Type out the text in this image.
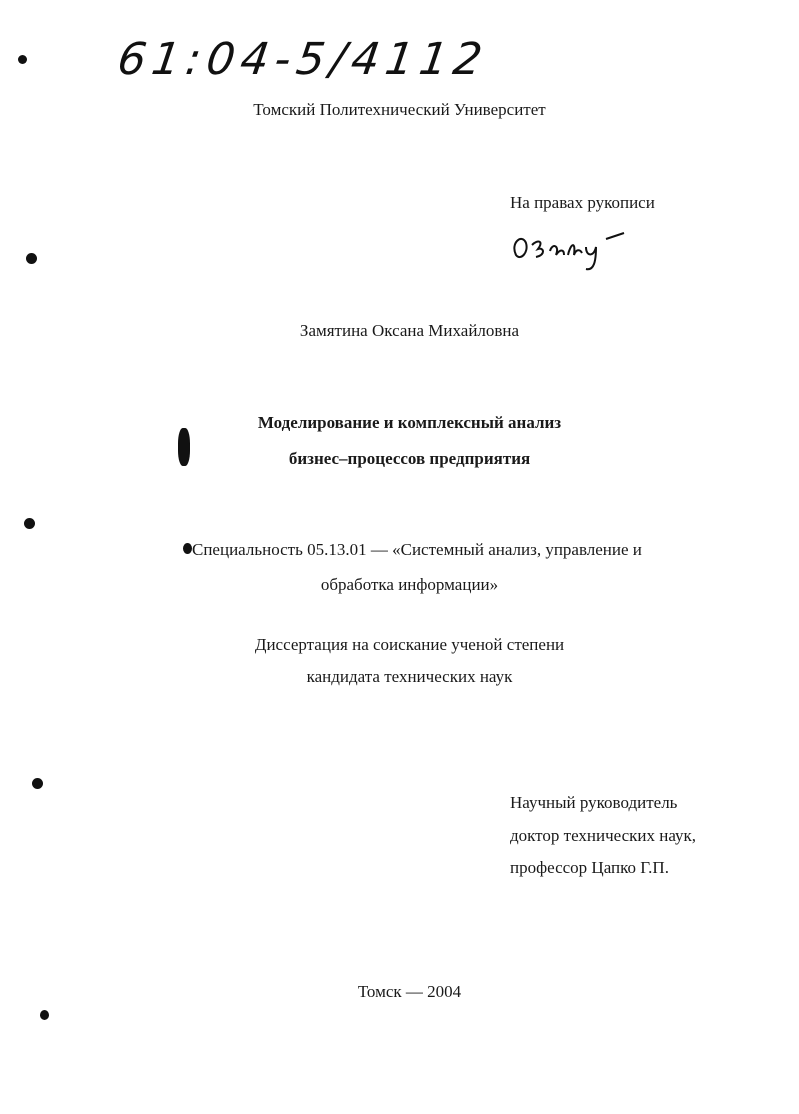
61:04-5/4112
Томский Политехнический Университет
На правах рукописи
Замятина Оксана Михайловна
Моделирование и комплексный анализ
бизнес–процессов предприятия
Специальность 05.13.01 — «Системный анализ, управление и
обработка информации»
Диссертация на соискание ученой степени
кандидата технических наук
Научный руководитель
доктор технических наук,
профессор Цапко Г.П.
Томск — 2004
